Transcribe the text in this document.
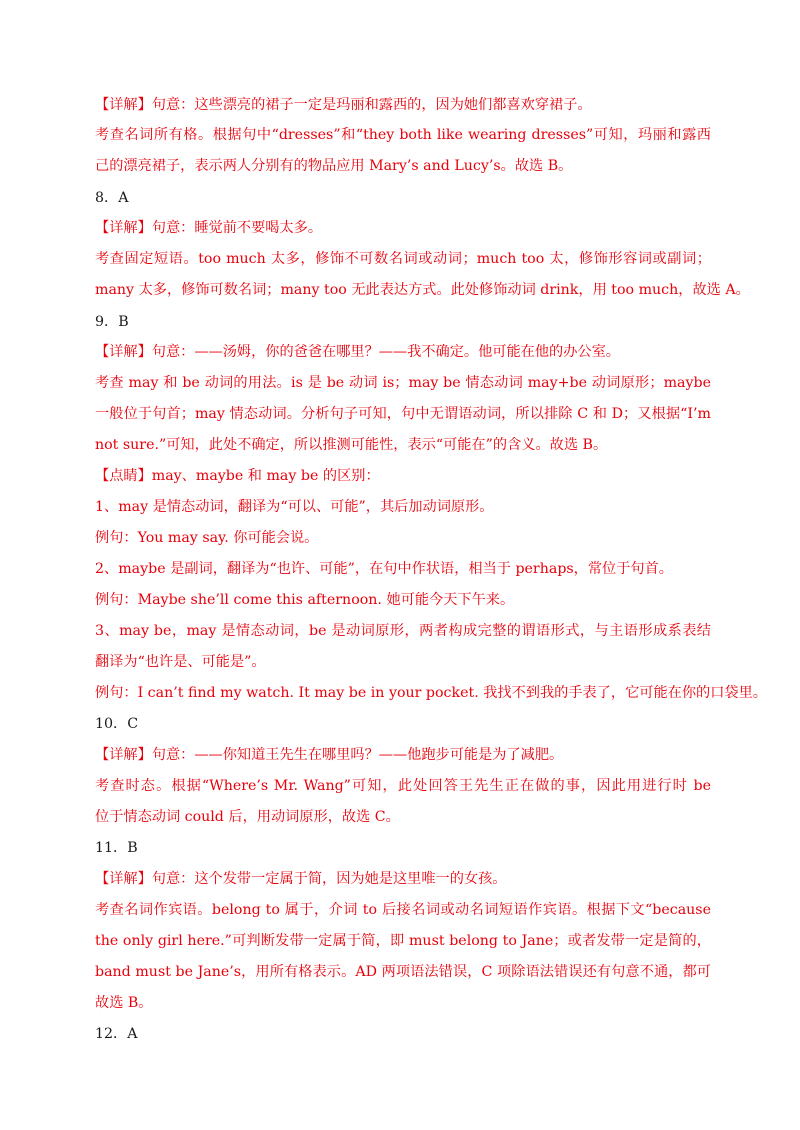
【详解】句意：这些漂亮的裙子一定是玛丽和露西的，因为她们都喜欢穿裙子。
考查名词所有格。根据句中“dresses”和“they both like wearing dresses”可知，玛丽和露西
己的漂亮裙子，表示两人分别有的物品应用 Mary’s and Lucy’s。故选 B。
8．A
【详解】句意：睡觉前不要喝太多。
考查固定短语。too much 太多，修饰不可数名词或动词；much too 太，修饰形容词或副词；
many 太多，修饰可数名词；many too 无此表达方式。此处修饰动词 drink，用 too much，故选 A。
9．B
【详解】句意：——汤姆，你的爸爸在哪里？——我不确定。他可能在他的办公室。
考查 may 和 be 动词的用法。is 是 be 动词 is；may be 情态动词 may+be 动词原形；maybe
一般位于句首；may 情态动词。分析句子可知，句中无谓语动词，所以排除 C 和 D；又根据“I’m
not sure.”可知，此处不确定，所以推测可能性，表示“可能在”的含义。故选 B。
【点睛】may、maybe 和 may be 的区别：
1、may 是情态动词，翻译为“可以、可能”，其后加动词原形。
例句：You may say. 你可能会说。
2、maybe 是副词，翻译为“也许、可能”，在句中作状语，相当于 perhaps，常位于句首。
例句：Maybe she’ll come this afternoon. 她可能今天下午来。
3、may be，may 是情态动词，be 是动词原形，两者构成完整的谓语形式，与主语形成系表结
翻译为“也许是、可能是”。
例句：I can’t find my watch. It may be in your pocket. 我找不到我的手表了，它可能在你的口袋里。
10．C
【详解】句意：——你知道王先生在哪里吗？——他跑步可能是为了减肥。
考查时态。根据“Where’s Mr. Wang”可知，此处回答王先生正在做的事，因此用进行时 be
位于情态动词 could 后，用动词原形，故选 C。
11．B
【详解】句意：这个发带一定属于简，因为她是这里唯一的女孩。
考查名词作宾语。belong to 属于，介词 to 后接名词或动名词短语作宾语。根据下文“because
the only girl here.”可判断发带一定属于简，即 must belong to Jane；或者发带一定是简的，
band must be Jane’s，用所有格表示。AD 两项语法错误，C 项除语法错误还有句意不通，都可
故选 B。
12．A
